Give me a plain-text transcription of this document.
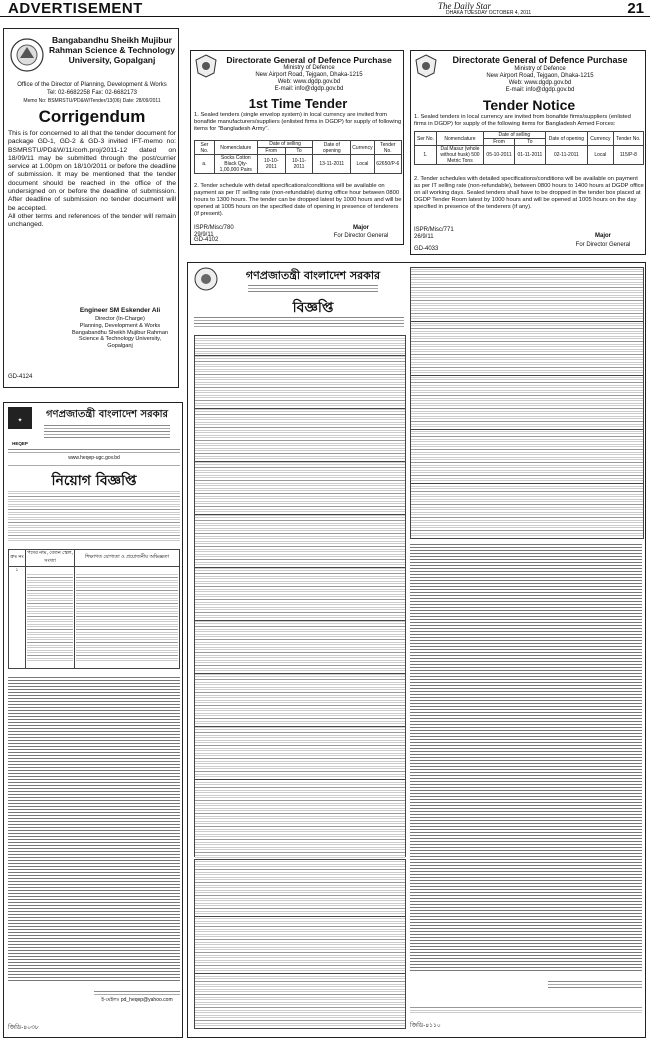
ADVERTISEMENT	The Daily Star
DHAKA TUESDAY OCTOBER 4, 2011	21
Bangabandhu Sheikh Mujibur Rahman Science & Technology University, Gopalganj
Office of the Director of Planning, Development & Works
Tel: 02-6682258 Fax: 02-6682173
Memo No: BSMRSTU/PD&W/Tender/13(06) Date: 28/09/2011
Corrigendum
This is for concerned to all that the tender document for package GD-1, GD-2 & GD-3 invited IFT-memo no: BSMRSTU/PD&W/11/corh.proj/2011-12 dated on 18/09/11 may be submitted through the post/currier service at 1.00pm on 18/10/2011 or before the deadline of submission. It may be mentioned that the tender document should be reached in the office of the undersigned on or before the deadline of submission. After deadline of submission no tender document will be accepted.
All other terms and references of the tender will remain unchanged.
Engineer SM Eskender Ali
Director (In-Charge)
Planning, Development & Works
Bangabandhu Sheikh Mujibur Rahman
Science & Technology University,
Gopalganj
GD-4124
Directorate General of Defence Purchase
Ministry of Defence
New Airport Road, Tejgaon, Dhaka-1215
Web: www.dgdp.gov.bd
E-mail: info@dgdp.gov.bd
1st Time Tender
1. Sealed tenders (single envelop system) in local currency are invited from bonafide manufacturers/suppliers (enlisted firms in DGDP) for supply of following items for "Bangladesh Army".
Ser No.	Nomenclature	Date of selling		Date of opening	Currency	Tender No.
		From	To			
a.	Socks Cotton Black Qty-1,00,000 Pairs	10-10-2011	10-11-2011	13-11-2011	Local	62650/P-6
2. Tender schedule with detail specifications/conditions will be available on payment as per IT selling rate (non-refundable) during office hour between 0800 hours to 1300 hours. The tender can be dropped latest by 1000 hours and will be opened at 1005 hours on the specified date of opening in presence of tenderers (if present).
ISPR/Misc/780
29/9/11
GD-4102
Major
For Director General
Directorate General of Defence Purchase
Ministry of Defence
New Airport Road, Tejgaon, Dhaka-1215
Web: www.dgdp.gov.bd
E-mail: info@dgdp.gov.bd
Tender Notice
1. Sealed tenders in local currency are invited from bonafide firms/suppliers (enlisted firms in DGDP) for supply of the following items for Bangladesh Armed Forces:
Ser No.	Nomenclature	Date of selling		Date of opening	Currency	Tender No.
		From	To			
1.	Dal Masur (whole without husk) 500 Metric Tons	05-10-2011	01-11-2011	02-11-2011	Local	115/P-8
2. Tender schedules with detailed specifications/conditions will be available on payment as per IT selling rate (non-refundable), between 0800 hours to 1400 hours at DGDP office on all working days. Sealed tenders shall have to be dropped in the tender box placed at DGDP Tender Room latest by 1000 hours and will be opened at 1005 hours on the day specified in presence of the tenderers (if any).
ISPR/Misc/771
26/9/11
GD-4033
Major
For Director General
✦
HEQEP
গণপ্রজাতন্ত্রী বাংলাদেশ সরকার
www.heqep-ugc.gov.bd
নিয়োগ বিজ্ঞপ্তি
ক্রঃ নং	পদের নাম, বেতন স্কেল, সংখ্যা	শিক্ষাগত যোগ্যতা ও প্রয়োজনীয় অভিজ্ঞতা
১	

ই-মেইলঃ pd_heqep@yahoo.com
জিডি-৪০৩৮
গণপ্রজাতন্ত্রী বাংলাদেশ সরকার
বিজ্ঞপ্তি
জিডি-৪১১০
